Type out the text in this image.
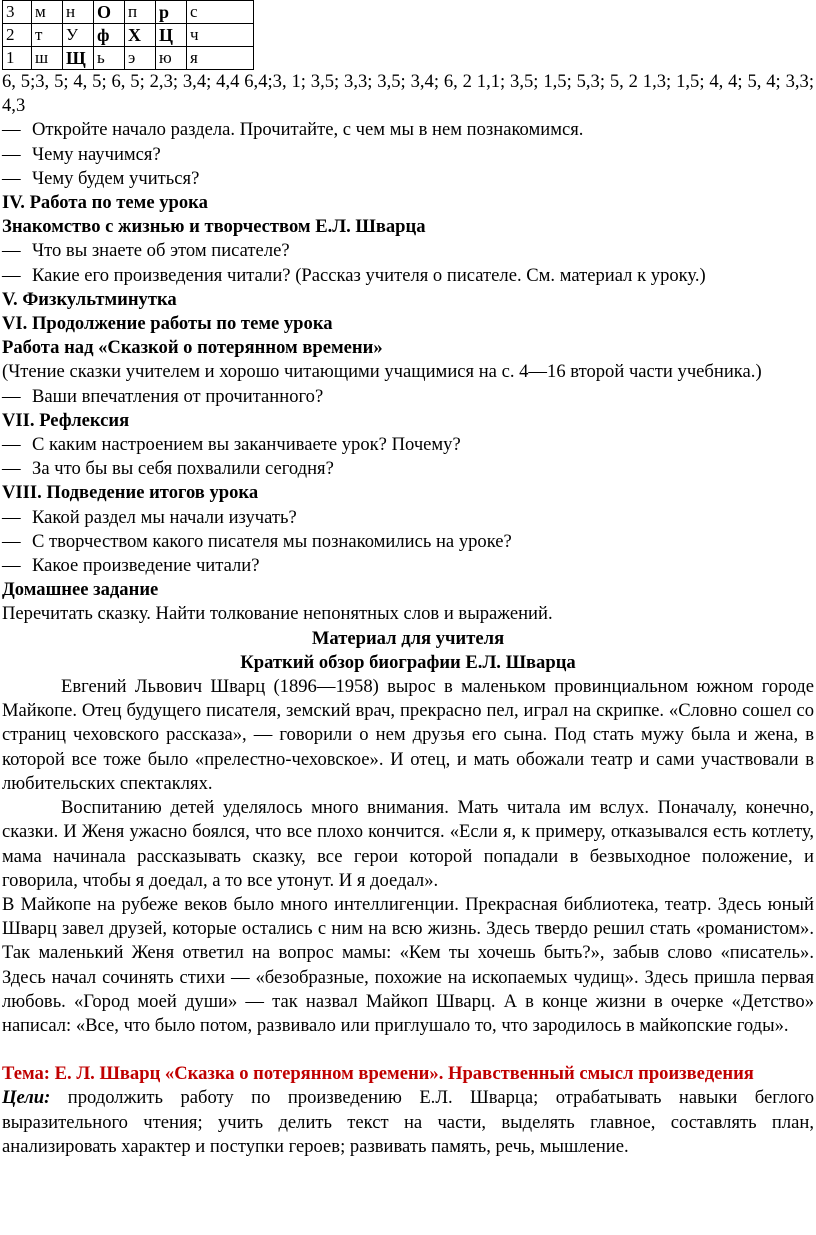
3	м	н	О	п	р	с
2	т	У	ф	Х	Ц	ч
1	ш	Щ	ь	э	ю	я

6, 5;3, 5; 4, 5; 6, 5; 2,3; 3,4; 4,4 6,4;3, 1; 3,5; 3,3; 3,5; 3,4; 6, 2 1,1; 3,5; 1,5; 5,3; 5, 2 1,3; 1,5; 4, 4; 5, 4; 3,3; 4,3

— Откройте начало раздела. Прочитайте, с чем мы в нем познакомимся.

— Чему научимся?

— Чему будем учиться?

IV. Работа по теме урока

Знакомство с жизнью и творчеством Е.Л. Шварца

— Что вы знаете об этом писателе?

— Какие его произведения читали? (Рассказ учителя о писателе. См. материал к уроку.)

V. Физкультминутка

VI. Продолжение работы по теме урока

Работа над «Сказкой о потерянном времени»

(Чтение сказки учителем и хорошо читающими учащимися на с. 4—16 второй части учебника.)

— Ваши впечатления от прочитанного?

VII. Рефлексия

— С каким настроением вы заканчиваете урок? Почему?

— За что бы вы себя похвалили сегодня?

VIII. Подведение итогов урока

— Какой раздел мы начали изучать?

— С творчеством какого писателя мы познакомились на уроке?

— Какое произведение читали?

Домашнее задание

Перечитать сказку. Найти толкование непонятных слов и выражений.

Материал для учителя

Краткий обзор биографии Е.Л. Шварца

Евгений Львович Шварц (1896—1958) вырос в маленьком провинциальном южном городе Майкопе. Отец будущего писателя, земский врач, прекрасно пел, играл на скрипке. «Словно сошел со страниц чеховского рассказа», — говорили о нем друзья его сына. Под стать мужу была и жена, в которой все тоже было «прелестно-чеховское». И отец, и мать обожали театр и сами участвовали в любительских спектаклях.

Воспитанию детей уделялось много внимания. Мать читала им вслух. Поначалу, конечно, сказки. И Женя ужасно боялся, что все плохо кончится. «Если я, к примеру, отказывался есть котлету, мама начинала рассказывать сказку, все герои которой попадали в безвыходное положение, и говорила, чтобы я доедал, а то все утонут. И я доедал».

В Майкопе на рубеже веков было много интеллигенции. Прекрасная библиотека, театр. Здесь юный Шварц завел друзей, которые остались с ним на всю жизнь. Здесь твердо решил стать «романистом». Так маленький Женя ответил на вопрос мамы: «Кем ты хочешь быть?», забыв слово «писатель». Здесь начал сочинять стихи — «безобразные, похожие на ископаемых чудищ». Здесь пришла первая любовь. «Город моей души» — так назвал Майкоп Шварц. А в конце жизни в очерке «Детство» написал: «Все, что было потом, развивало или приглушало то, что зародилось в майкопские годы».

Тема: Е. Л. Шварц «Сказка о потерянном времени». Нравственный смысл произведения

Цели: продолжить работу по произведению Е.Л. Шварца; отрабатывать навыки беглого выразительного чтения; учить делить текст на части, выделять главное, составлять план, анализировать характер и поступки героев; развивать память, речь, мышление.
